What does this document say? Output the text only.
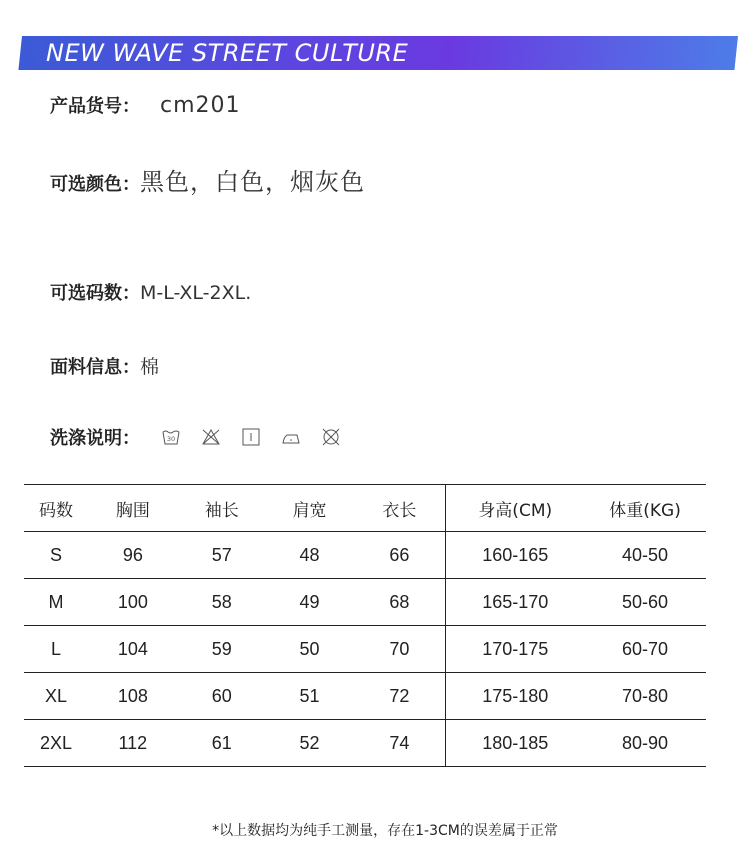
NEW WAVE STREET CULTURE
产品货号： cm201
可选颜色：黑色，白色，烟灰色
可选码数：M-L-XL-2XL.
面料信息：棉
洗涤说明：	30
码数	胸围	袖长	肩宽	衣长	身高(CM)	体重(KG)
S	96	57	48	66	160-165	40-50
M	100	58	49	68	165-170	50-60
L	104	59	50	70	170-175	60-70
XL	108	60	51	72	175-180	70-80
2XL	112	61	52	74	180-185	80-90
*以上数据均为纯手工测量，存在1-3CM的误差属于正常
